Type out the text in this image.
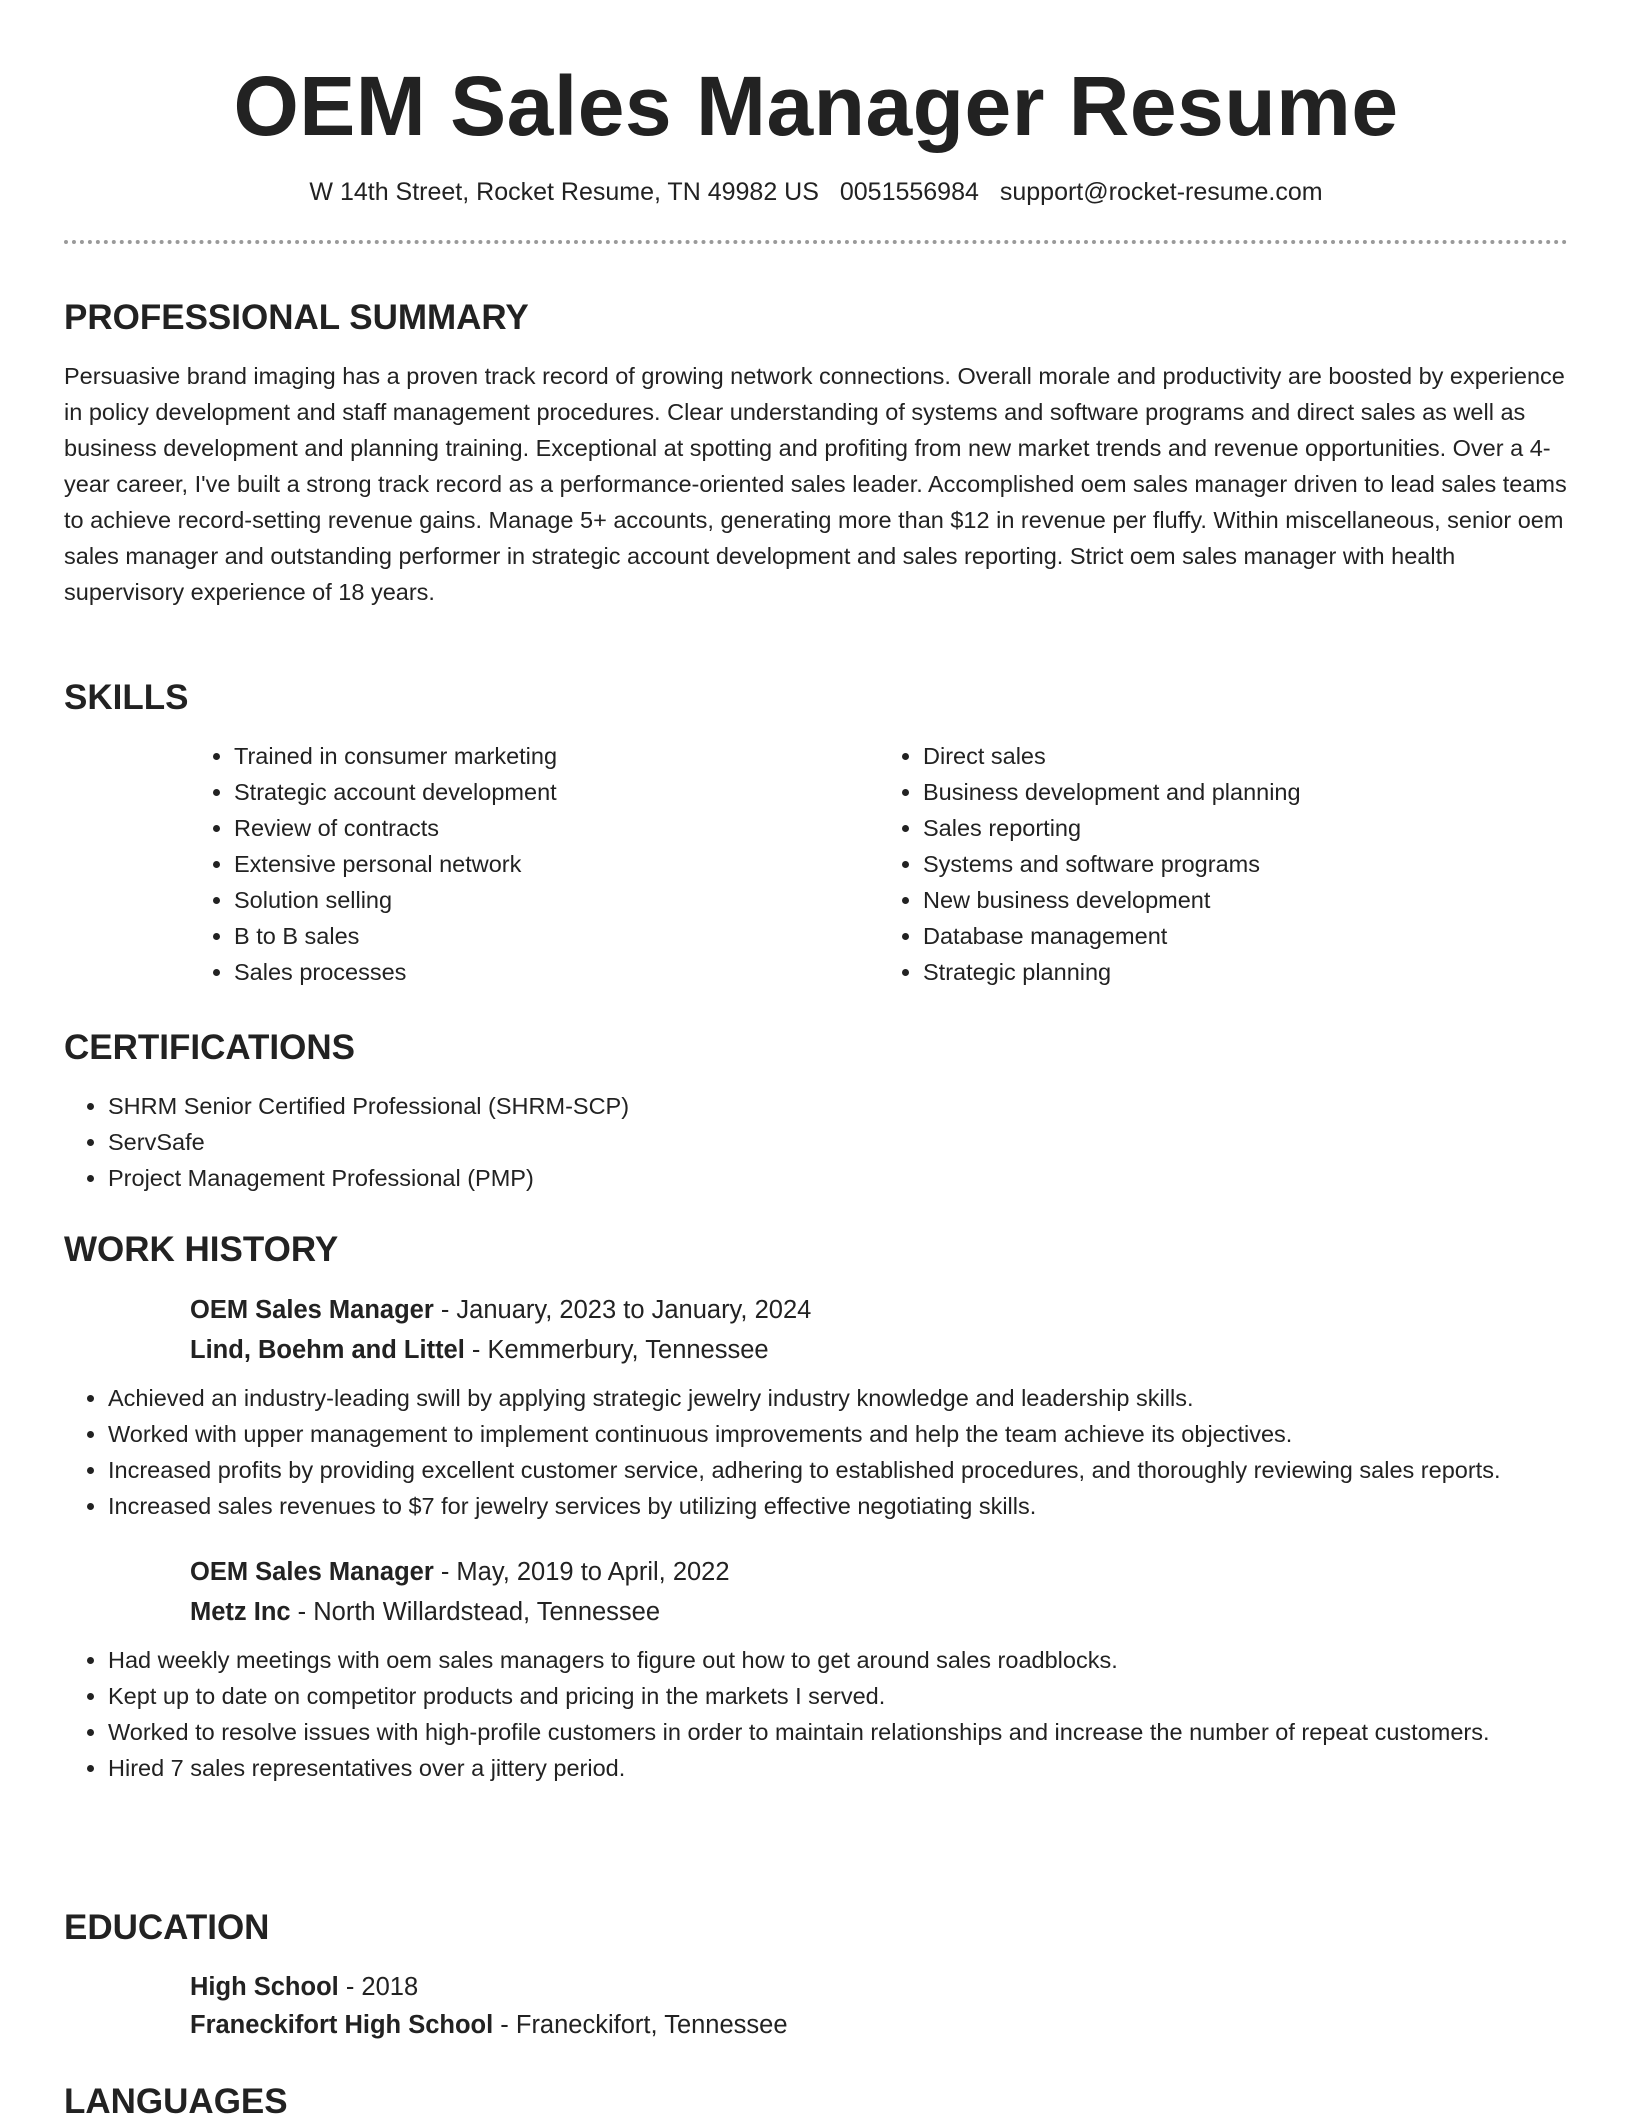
OEM Sales Manager Resume
W 14th Street, Rocket Resume, TN 49982 US 0051556984 support@rocket-resume.com
PROFESSIONAL SUMMARY

Persuasive brand imaging has a proven track record of growing network connections. Overall morale and productivity are boosted by experience in policy development and staff management procedures. Clear understanding of systems and software programs and direct sales as well as business development and planning training. Exceptional at spotting and profiting from new market trends and revenue opportunities. Over a 4-year career, I've built a strong track record as a performance-oriented sales leader. Accomplished oem sales manager driven to lead sales teams to achieve record-setting revenue gains. Manage 5+ accounts, generating more than $12 in revenue per fluffy. Within miscellaneous, senior oem sales manager and outstanding performer in strategic account development and sales reporting. Strict oem sales manager with health supervisory experience of 18 years.

SKILLS
• Trained in consumer marketing
• Strategic account development
• Review of contracts
• Extensive personal network
• Solution selling
• B to B sales
• Sales processes
• Direct sales
• Business development and planning
• Sales reporting
• Systems and software programs
• New business development
• Database management
• Strategic planning
CERTIFICATIONS
• SHRM Senior Certified Professional (SHRM-SCP)
• ServSafe
• Project Management Professional (PMP)
WORK HISTORY
OEM Sales Manager - January, 2023 to January, 2024
Lind, Boehm and Littel - Kemmerbury, Tennessee
• Achieved an industry-leading swill by applying strategic jewelry industry knowledge and leadership skills.
• Worked with upper management to implement continuous improvements and help the team achieve its objectives.
• Increased profits by providing excellent customer service, adhering to established procedures, and thoroughly reviewing sales reports.
• Increased sales revenues to $7 for jewelry services by utilizing effective negotiating skills.
OEM Sales Manager - May, 2019 to April, 2022
Metz Inc - North Willardstead, Tennessee
• Had weekly meetings with oem sales managers to figure out how to get around sales roadblocks.
• Kept up to date on competitor products and pricing in the markets I served.
• Worked to resolve issues with high-profile customers in order to maintain relationships and increase the number of repeat customers.
• Hired 7 sales representatives over a jittery period.
EDUCATION
High School - 2018
Franeckifort High School - Franeckifort, Tennessee
LANGUAGES
